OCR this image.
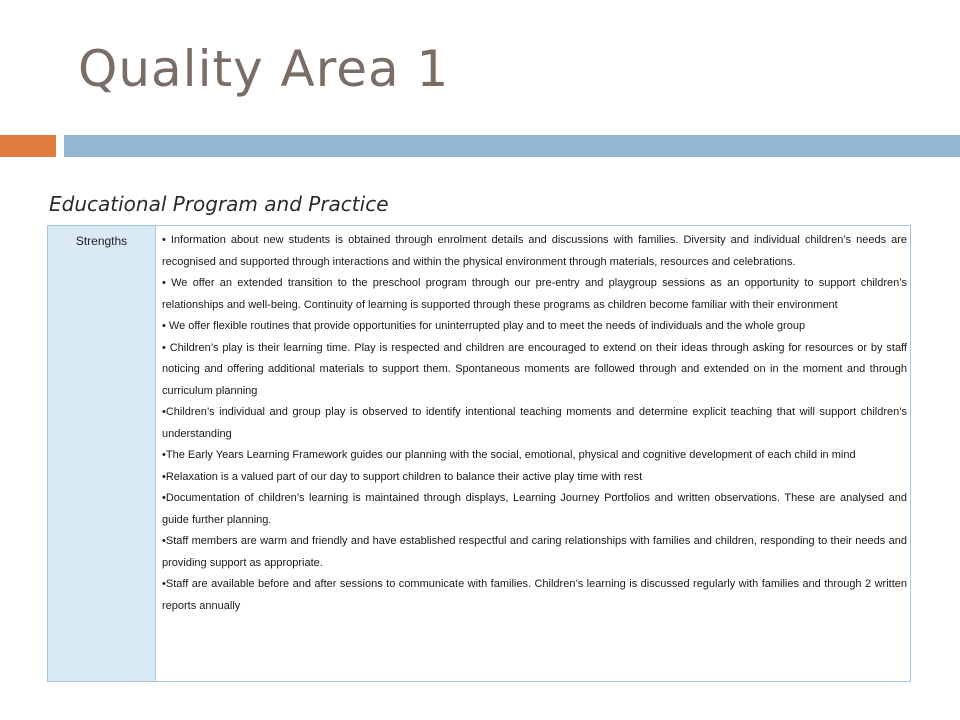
Quality Area 1
Educational Program and Practice
Strengths	• Information about new students is obtained through enrolment details and discussions with families. Diversity and individual children’s needs are recognised and supported through interactions and within the physical environment through materials, resources and celebrations.

• We offer an extended transition to the preschool program through our pre-entry and playgroup sessions as an opportunity to support children’s relationships and well-being. Continuity of learning is supported through these programs as children become familiar with their environment

• We offer flexible routines that provide opportunities for uninterrupted play and to meet the needs of individuals and the whole group

• Children’s play is their learning time. Play is respected and children are encouraged to extend on their ideas through asking for resources or by staff noticing and offering additional materials to support them. Spontaneous moments are followed through and extended on in the moment and through curriculum planning

•Children’s individual and group play is observed to identify intentional teaching moments and determine explicit teaching that will support children’s understanding

•The Early Years Learning Framework guides our planning with the social, emotional, physical and cognitive development of each child in mind

•Relaxation is a valued part of our day to support children to balance their active play time with rest

•Documentation of children’s learning is maintained through displays, Learning Journey Portfolios and written observations. These are analysed and guide further planning.

•Staff members are warm and friendly and have established respectful and caring relationships with families and children, responding to their needs and providing support as appropriate.

•Staff are available before and after sessions to communicate with families. Children’s learning is discussed regularly with families and through 2 written reports annually
